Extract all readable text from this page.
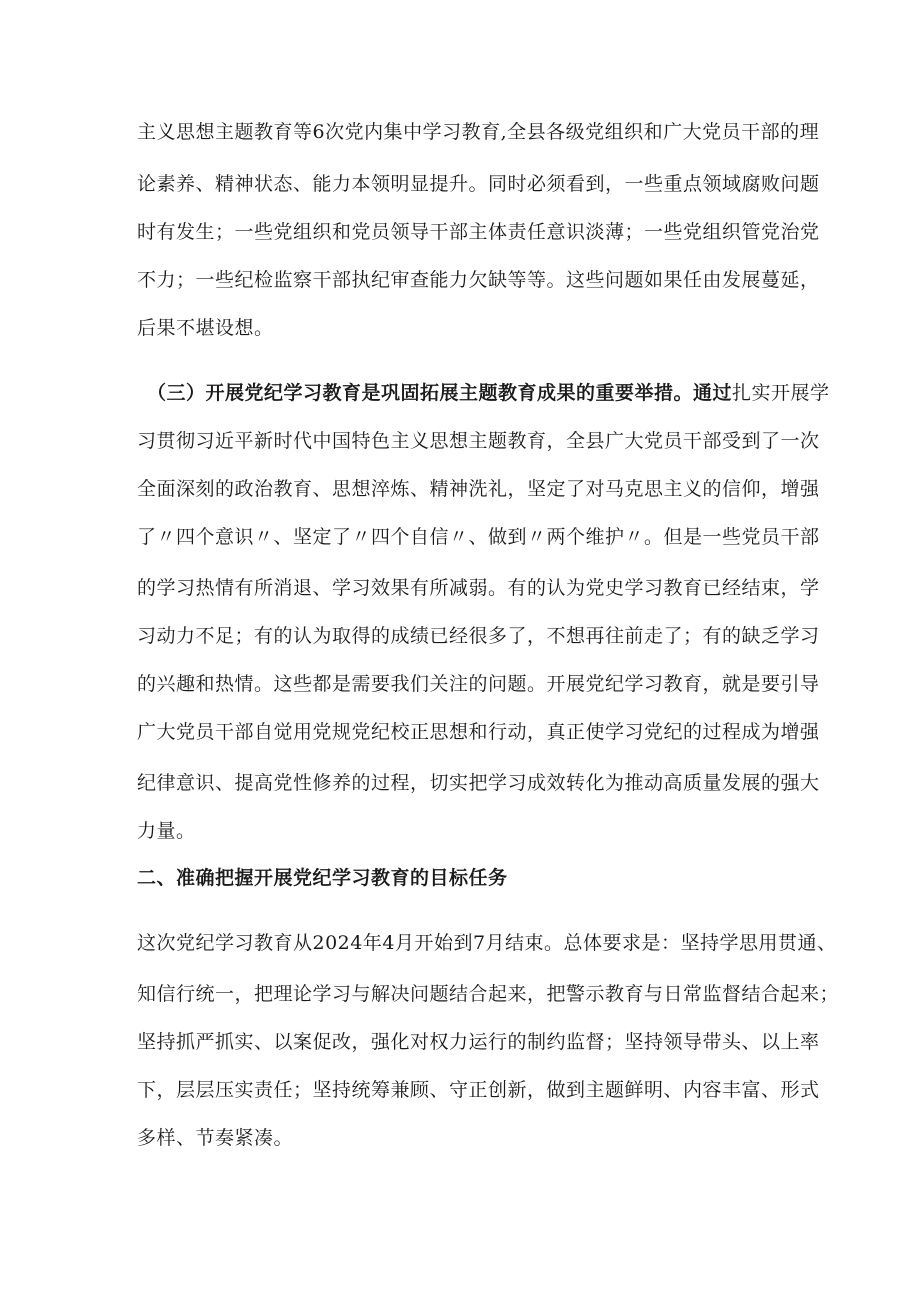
主义思想主题教育等6次党内集中学习教育,全县各级党组织和广大党员干部的理
论素养、精神状态、能力本领明显提升。同时必须看到，一些重点领域腐败问题
时有发生；一些党组织和党员领导干部主体责任意识淡薄；一些党组织管党治党
不力；一些纪检监察干部执纪审查能力欠缺等等。这些问题如果任由发展蔓延，
后果不堪设想。
（三）开展党纪学习教育是巩固拓展主题教育成果的重要举措。通过扎实开展学
习贯彻习近平新时代中国特色主义思想主题教育，全县广大党员干部受到了一次
全面深刻的政治教育、思想淬炼、精神洗礼，坚定了对马克思主义的信仰，增强
了〃四个意识〃、坚定了〃四个自信〃、做到〃两个维护〃。但是一些党员干部
的学习热情有所消退、学习效果有所减弱。有的认为党史学习教育已经结束，学
习动力不足；有的认为取得的成绩已经很多了，不想再往前走了；有的缺乏学习
的兴趣和热情。这些都是需要我们关注的问题。开展党纪学习教育，就是要引导
广大党员干部自觉用党规党纪校正思想和行动，真正使学习党纪的过程成为增强
纪律意识、提高党性修养的过程，切实把学习成效转化为推动高质量发展的强大
力量。
二、准确把握开展党纪学习教育的目标任务
这次党纪学习教育从2024年4月开始到7月结束。总体要求是：坚持学思用贯通、
知信行统一，把理论学习与解决问题结合起来，把警示教育与日常监督结合起来；
坚持抓严抓实、以案促改，强化对权力运行的制约监督；坚持领导带头、以上率
下，层层压实责任；坚持统筹兼顾、守正创新，做到主题鲜明、内容丰富、形式
多样、节奏紧凑。
